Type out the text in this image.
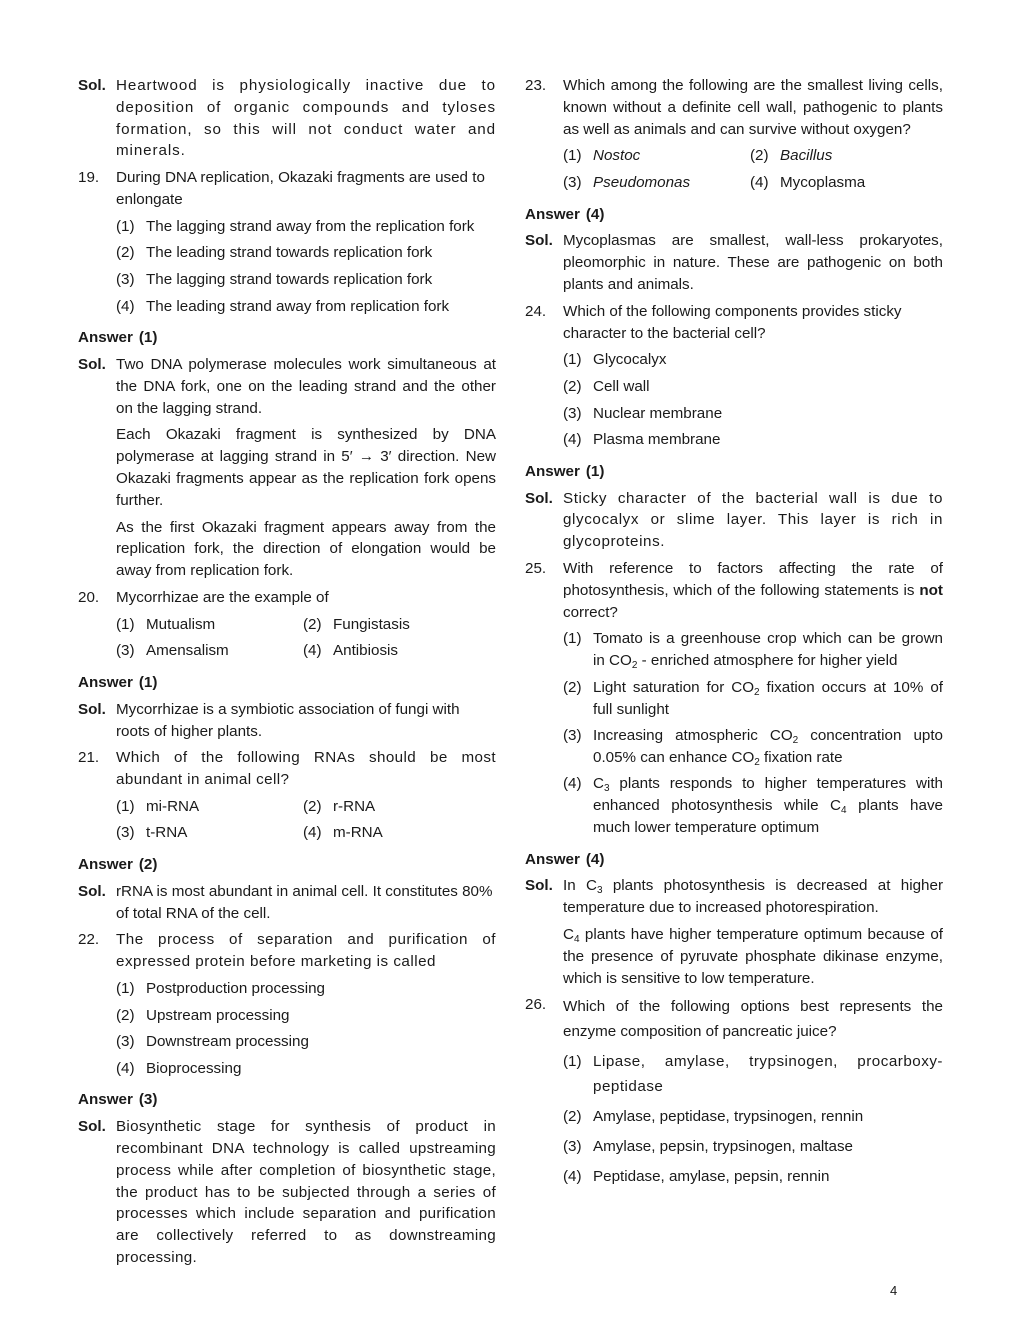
Sol. Heartwood is physiologically inactive due to deposition of organic compounds and tyloses formation, so this will not conduct water and minerals.
19.	During DNA replication, Okazaki fragments are used to enlongate
(1) The lagging strand away from the replication fork
(2) The leading strand towards replication fork
(3) The lagging strand towards replication fork
(4) The leading strand away from replication fork
Answer (1)
Sol. Two DNA polymerase molecules work simultaneous at the DNA fork, one on the leading strand and the other on the lagging strand.
Each Okazaki fragment is synthesized by DNA polymerase at lagging strand in 5′ → 3′ direction. New Okazaki fragments appear as the replication fork opens further.
As the first Okazaki fragment appears away from the replication fork, the direction of elongation would be away from replication fork.
20.	Mycorrhizae are the example of
(1) Mutualism	(2) Fungistasis
(3) Amensalism	(4) Antibiosis
Answer (1)
Sol. Mycorrhizae is a symbiotic association of fungi with roots of higher plants.
21.	Which of the following RNAs should be most abundant in animal cell?
(1) mi-RNA	(2) r-RNA
(3) t-RNA	(4) m-RNA
Answer (2)
Sol. rRNA is most abundant in animal cell. It constitutes 80% of total RNA of the cell.
22.	The process of separation and purification of expressed protein before marketing is called
(1) Postproduction processing
(2) Upstream processing
(3) Downstream processing
(4) Bioprocessing
Answer (3)
Sol. Biosynthetic stage for synthesis of product in recombinant DNA technology is called upstreaming process while after completion of biosynthetic stage, the product has to be subjected through a series of processes which include separation and purification are collectively referred to as downstreaming processing.
23.	Which among the following are the smallest living cells, known without a definite cell wall, pathogenic to plants as well as animals and can survive without oxygen?
(1) Nostoc	(2) Bacillus
(3) Pseudomonas	(4) Mycoplasma
Answer (4)
Sol. Mycoplasmas are smallest, wall-less prokaryotes, pleomorphic in nature. These are pathogenic on both plants and animals.
24.	Which of the following components provides sticky character to the bacterial cell?
(1) Glycocalyx
(2) Cell wall
(3) Nuclear membrane
(4) Plasma membrane
Answer (1)
Sol. Sticky character of the bacterial wall is due to glycocalyx or slime layer. This layer is rich in glycoproteins.
25.	With reference to factors affecting the rate of photosynthesis, which of the following statements is not correct?
(1) Tomato is a greenhouse crop which can be grown in $CO_2$ - enriched atmosphere for higher yield
(2) Light saturation for $CO_2$ fixation occurs at 10% of full sunlight
(3) Increasing atmospheric $CO_2$ concentration upto 0.05% can enhance $CO_2$ fixation rate
(4) $C_3$ plants responds to higher temperatures with enhanced photosynthesis while $C_4$ plants have much lower temperature optimum
Answer (4)
Sol. In $C_3$ plants photosynthesis is decreased at higher temperature due to increased photorespiration.
$C_4$ plants have higher temperature optimum because of the presence of pyruvate phosphate dikinase enzyme, which is sensitive to low temperature.
26.	Which of the following options best represents the enzyme composition of pancreatic juice?
(1) Lipase, amylase, trypsinogen, procarboxy-peptidase
(2) Amylase, peptidase, trypsinogen, rennin
(3) Amylase, pepsin, trypsinogen, maltase
(4) Peptidase, amylase, pepsin, rennin
4
